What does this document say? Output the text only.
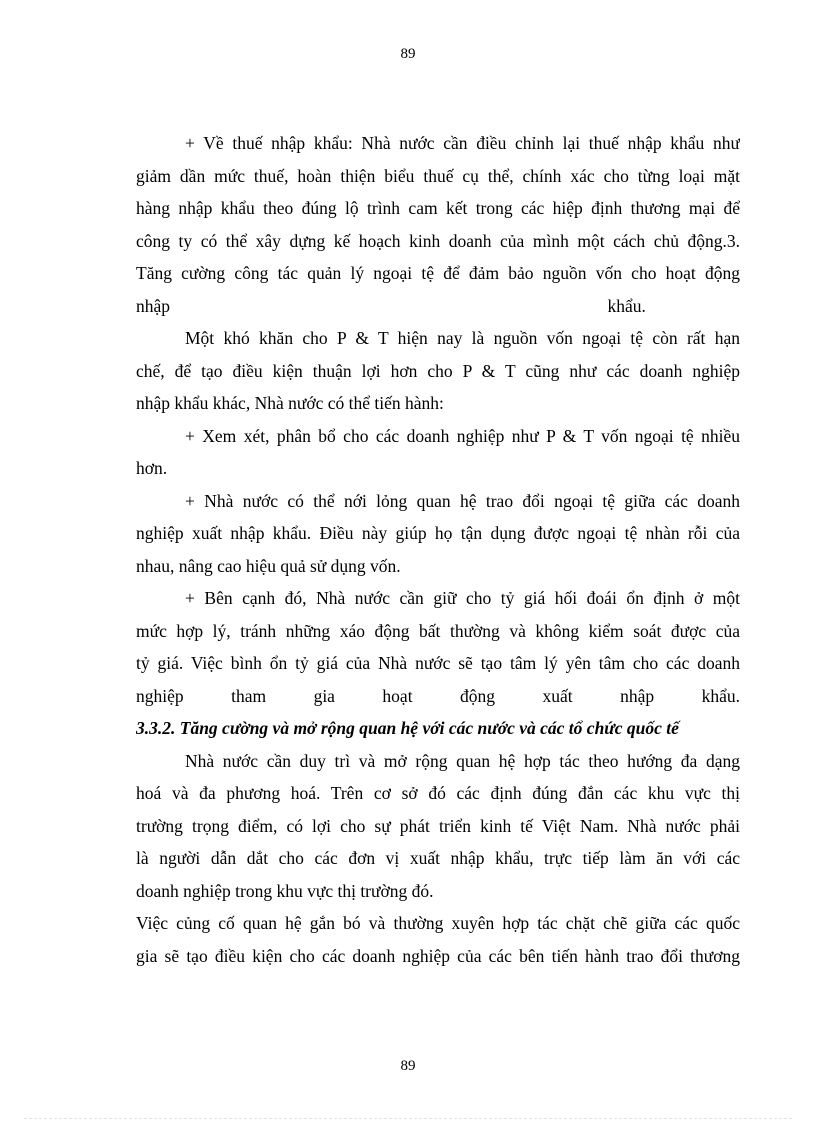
89
+ Về thuế nhập khẩu: Nhà nước cần điều chỉnh lại thuế nhập khẩu như
giảm dần mức thuế, hoàn thiện biểu thuế cụ thể, chính xác cho từng loại mặt
hàng nhập khẩu theo đúng lộ trình cam kết trong các hiệp định thương mại để
công ty có thể xây dựng kế hoạch kinh doanh của mình một cách chủ động.3.
Tăng cường công tác quản lý ngoại tệ để đảm bảo nguồn vốn cho hoạt động
nhập                                                                                                    khẩu.
Một khó khăn cho P & T hiện nay là nguồn vốn ngoại tệ còn rất hạn
chế, để tạo điều kiện thuận lợi hơn cho P & T cũng như các doanh nghiệp
nhập khẩu khác, Nhà nước có thể tiến hành:
+ Xem xét, phân bổ cho các doanh nghiệp như P & T vốn ngoại tệ nhiều
hơn.
+ Nhà nước có thể nới lỏng quan hệ trao đổi ngoại tệ giữa các doanh
nghiệp xuất nhập khẩu. Điều này giúp họ tận dụng được ngoại tệ nhàn rỗi của
nhau, nâng cao hiệu quả sử dụng vốn.
+ Bên cạnh đó, Nhà nước cần giữ cho tỷ giá hối đoái ổn định ở một
mức hợp lý, tránh những xáo động bất thường và không kiểm soát được của
tỷ giá. Việc bình ổn tỷ giá của Nhà nước sẽ tạo tâm lý yên tâm cho các doanh
nghiệp tham gia hoạt động xuất nhập khẩu.
3.3.2. Tăng cường và mở rộng quan hệ với các nước và các tổ chức quốc tế
Nhà nước cần duy trì và mở rộng quan hệ hợp tác theo hướng đa dạng
hoá và đa phương hoá. Trên cơ sở đó các định đúng đắn các khu vực thị
trường trọng điểm, có lợi cho sự phát triển kinh tế Việt Nam. Nhà nước phải
là người dẫn dắt cho các đơn vị xuất nhập khẩu, trực tiếp làm ăn với các
doanh nghiệp trong khu vực thị trường đó.
Việc củng cố quan hệ gắn bó và thường xuyên hợp tác chặt chẽ giữa các quốc
gia sẽ tạo điều kiện cho các doanh nghiệp của các bên tiến hành trao đổi thương
89
